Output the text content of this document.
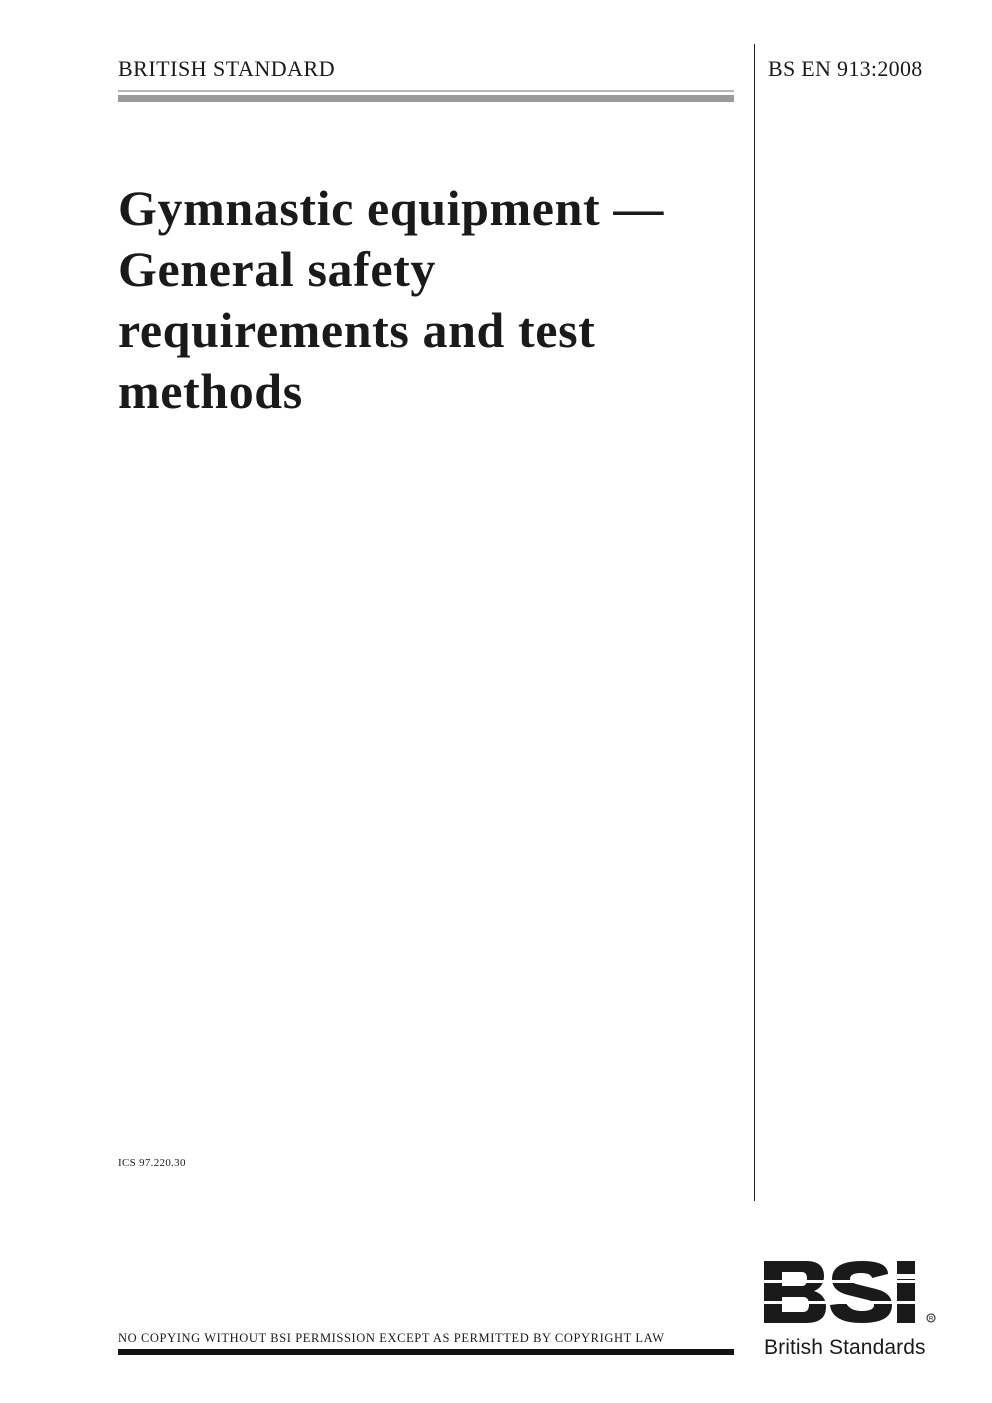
BRITISH STANDARD	BS EN 913:2008
Gymnastic equipment — General safety requirements and test methods
ICS 97.220.30
NO COPYING WITHOUT BSI PERMISSION EXCEPT AS PERMITTED BY COPYRIGHT LAW
R
British Standards
